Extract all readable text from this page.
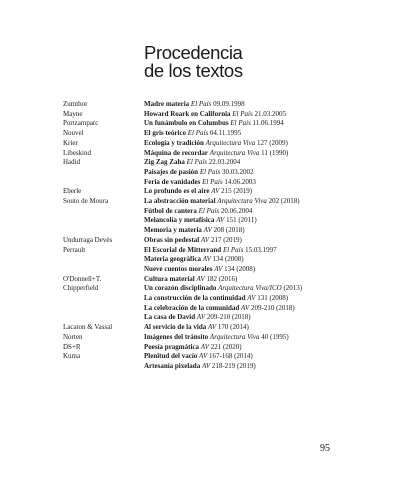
Procedencia
de los textos
Zumthor	Madre materia El País 09.09.1998
Mayne	Howard Roark en California El País 21.03.2005
Portzamparc	Un funámbulo en Columbus El País 11.06.1994
Nouvel	El gris teórico El País 04.11.1995
Krier	Ecología y tradición Arquitectura Viva 127 (2009)
Libeskind	Máquina de recordar Arquitectura Viva 11 (1990)
Hadid	Zig Zag Zaha El País 22.03.2004
Paisajes de pasión El País 30.03.2002
Feria de vanidades El País 14.06.2003
Eberle	Lo profundo es el aire AV 215 (2019)
Souto de Moura	La abstracción material Arquitectura Viva 202 (2018)
Fútbol de cantera El País 20.06.2004
Melancolía y metafísica AV 151 (2011)
Memoria y materia AV 208 (2018)
Undurraga Devés	Obras sin pedestal AV 217 (2019)
Perrault	El Escorial de Mitterrand El País 15.03.1997
Materia geográfica AV 134 (2008)
Nueve cuentos morales AV 134 (2008)
O'Donnell+T.	Cultura material AV 182 (2016)
Chipperfield	Un corazón disciplinado Arquitectura Viva/ICO (2013)
La construcción de la continuidad AV 131 (2008)
La celebración de la comunidad AV 209-210 (2018)
La casa de David AV 209-210 (2018)
Lacaton & Vassal	Al servicio de la vida AV 170 (2014)
Norten	Imágenes del tránsito Arquitectura Viva 40 (1995)
DS+R	Poesía pragmática AV 221 (2020)
Kuma	Plenitud del vacío AV 167-168 (2014)
Artesanía pixelada AV 218-219 (2019)
95
